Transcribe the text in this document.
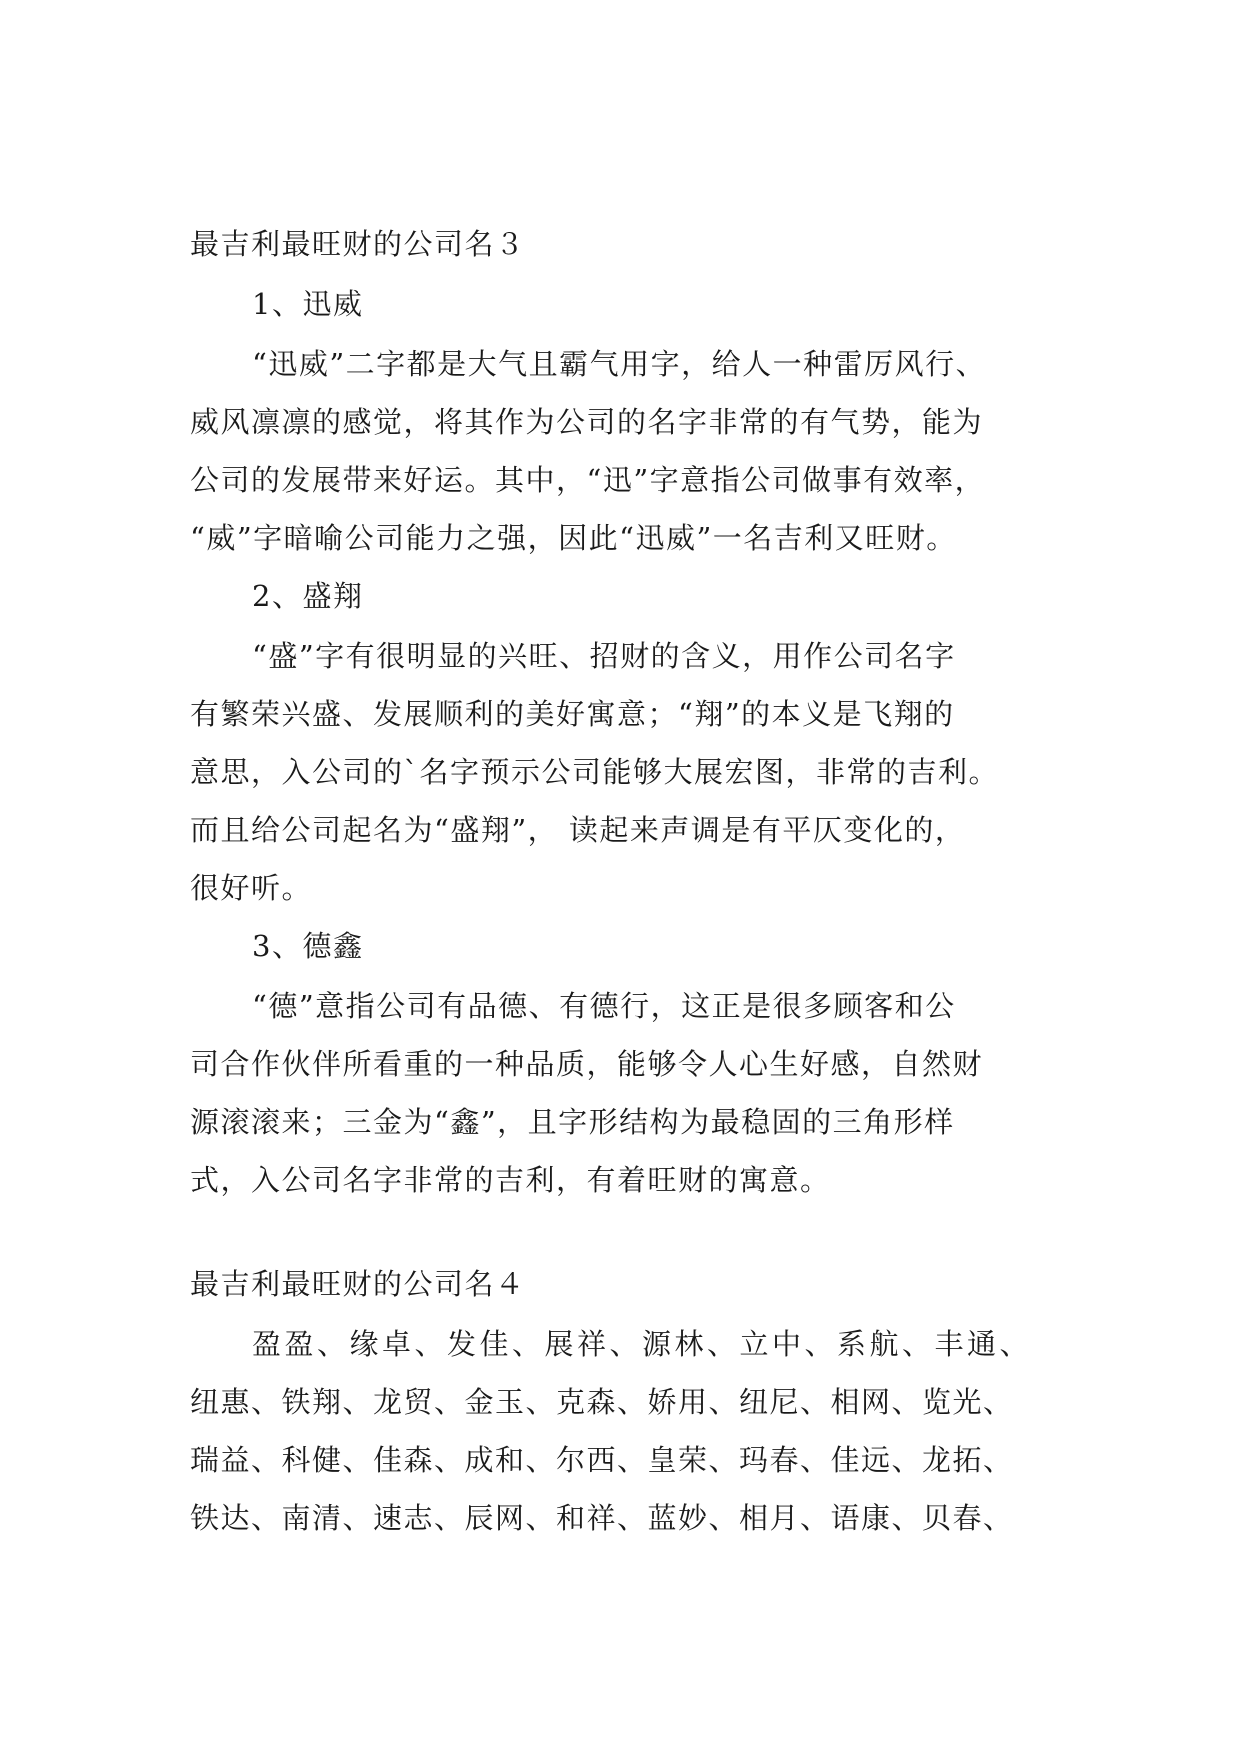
最吉利最旺财的公司名３
1、迅威
“迅威”二字都是大气且霸气用字，给人一种雷厉风行、
威风凛凛的感觉，将其作为公司的名字非常的有气势，能为
公司的发展带来好运。其中，“迅”字意指公司做事有效率，
“威”字暗喻公司能力之强，因此“迅威”一名吉利又旺财。
2、盛翔
“盛”字有很明显的兴旺、招财的含义，用作公司名字
有繁荣兴盛、发展顺利的美好寓意；“翔”的本义是飞翔的
意思，入公司的`名字预示公司能够大展宏图，非常的吉利。
而且给公司起名为“盛翔”， 读起来声调是有平仄变化的，
很好听。
3、德鑫
“德”意指公司有品德、有德行，这正是很多顾客和公
司合作伙伴所看重的一种品质，能够令人心生好感，自然财
源滚滚来；三金为“鑫”，且字形结构为最稳固的三角形样
式，入公司名字非常的吉利，有着旺财的寓意。
最吉利最旺财的公司名４
盈盈、缘卓、发佳、展祥、源林、立中、系航、丰通、
纽惠、铁翔、龙贸、金玉、克森、娇用、纽尼、相网、览光、
瑞益、科健、佳森、成和、尔西、皇荣、玛春、佳远、龙拓、
铁达、南清、速志、辰网、和祥、蓝妙、相月、语康、贝春、
